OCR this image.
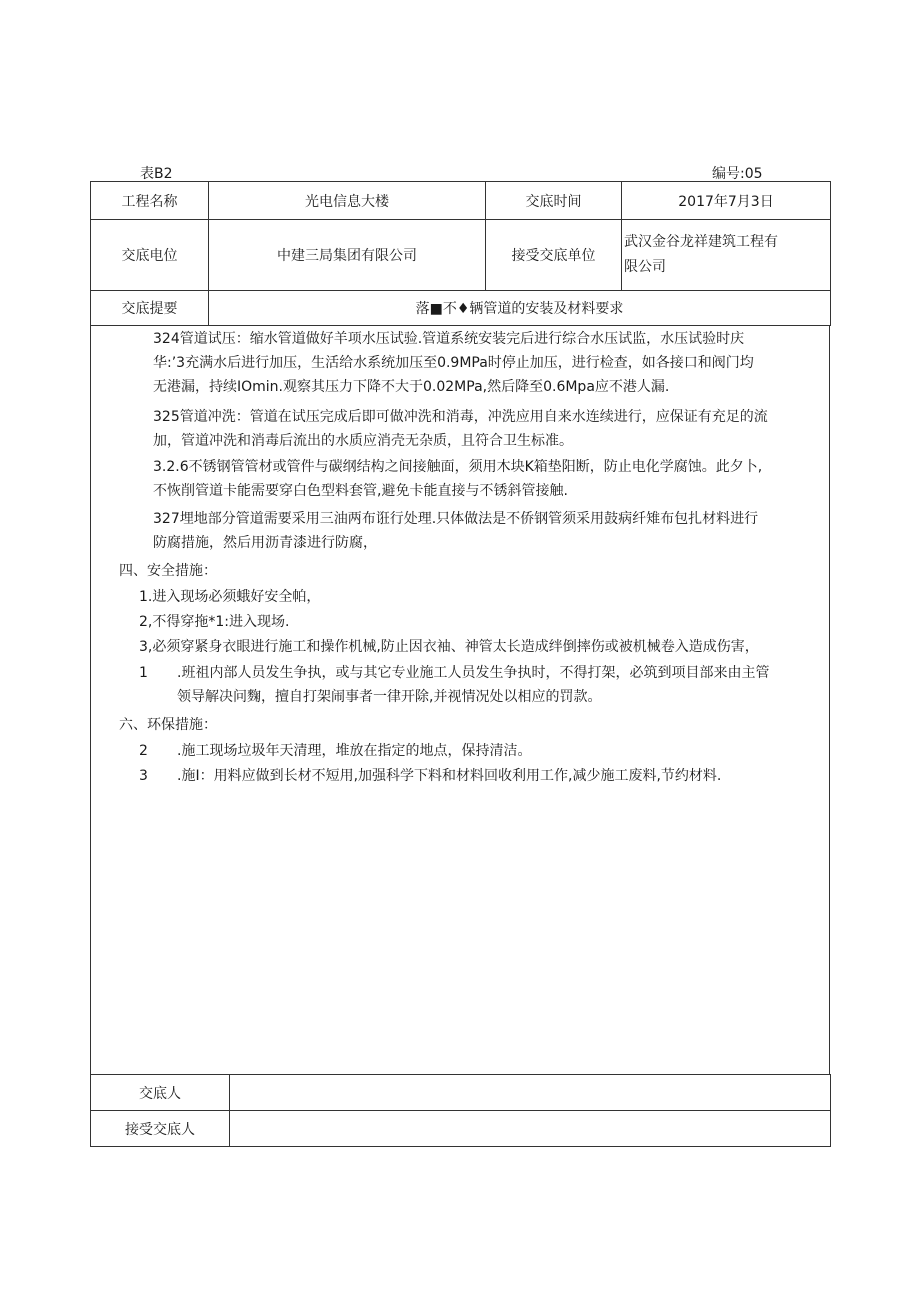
表B2	编号:05
工程名称	光电信息大楼	交底时间	2017年7月3日
交底电位	中建三局集团有限公司	接受交底单位	武汉金谷龙祥建筑工程有
限公司

交底提要	落■不♦辆管道的安装及材料要求		

324管道试压：缩水管道做好羊项水压试验.管道系统安装完后进行综合水压试监，水压试验时庆
华:’3充满水后进行加压，生活给水系统加压至0.9MPa时停止加压，进行检查，如各接口和阀门均
无港漏，持续IOmin.观察其压力下降不大于0.02MPa,然后降至0.6Mpa应不港人漏.

325管道冲洗：管道在试压完成后即可做冲洗和消毒，冲洗应用自来水连续进行，应保证有充足的流
加，管道冲洗和消毒后流出的水质应消壳无杂质，且符合卫生标准。

3.2.6不锈钢管管材或管件与碳纲结构之间接触面，须用木块K箱垫阳断，防止电化学腐蚀。此夕卜,
不恢削管道卡能需要穿白色型料套管,避免卡能直接与不锈斜管接触.

327埋地部分管道需要采用三油两布诳行处理.只体做法是不侨钢管须采用鼓病纤雉布包扎材料进行
防腐措施，然后用沥青漆进行防腐，

四、安全措施：

1.进入现场必须蛾好安全帕，

2,不得穿拖*1:进入现场.

3,必须穿紧身衣眼进行施工和操作机械,防止因衣袖、神管太长造成绊倒摔伤或被机械卷入造成伤害，

1 .班祖内部人员发生争执，或与其它专业施工人员发生争执时，不得打架，必筑到项目部来由主管
领导解决问麴，擅自打架闹事者一律开除,并视情况处以相应的罚款。

六、环保措施：

2 .施工现场垃圾年天清理，堆放在指定的地点，保持清洁。

3 .施I：用料应做到长材不短用,加强科学下料和材料回收利用工作,减少施工废料,节约材料.

交底人	
接受交底人	
